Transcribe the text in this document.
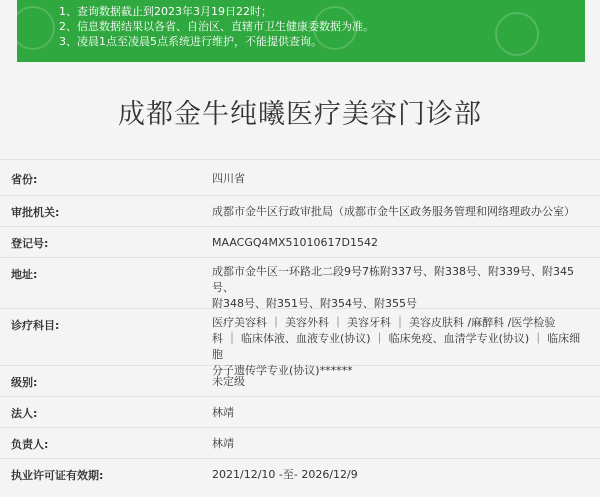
1、查询数据截止到2023年3月19日22时；
2、信息数据结果以各省、自治区、直辖市卫生健康委数据为准。
3、凌晨1点至凌晨5点系统进行维护，不能提供查询。
成都金牛纯曦医疗美容门诊部
省份:	四川省
审批机关:	成都市金牛区行政审批局（成都市金牛区政务服务管理和网络理政办公室）
登记号:	MAACGQ4MX51010617D1542
地址:	成都市金牛区一环路北二段9号7栋附337号、附338号、附339号、附345号、
附348号、附351号、附354号、附355号
诊疗科目:	医疗美容科 ｜ 美容外科 ｜ 美容牙科 ｜ 美容皮肤科 /麻醉科 /医学检验
科 ｜ 临床体液、血液专业(协议) ｜ 临床免疫、血清学专业(协议) ｜ 临床细胞
分子遗传学专业(协议)******
级别:	未定级
法人:	林靖
负责人:	林靖
执业许可证有效期:	2021/12/10 -至- 2026/12/9
